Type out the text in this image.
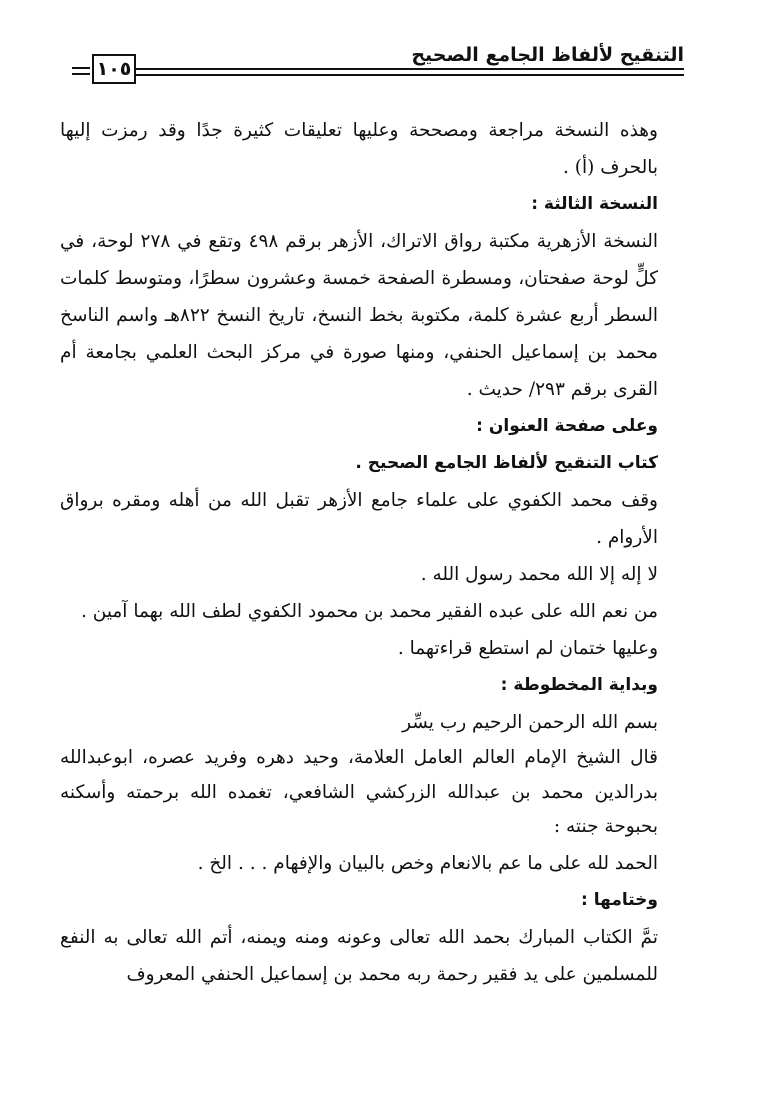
التنقيح لألفاظ الجامع الصحيح
١٠٥

وهذه النسخة مراجعة ومصححة وعليها تعليقات كثيرة جدًا وقد رمزت إليها بالحرف (أ) .

النسخة الثالثة :

النسخة الأزهرية مكتبة رواق الاتراك، الأزهر برقم ٤٩٨ وتقع في ٢٧٨ لوحة، في كلٍّ لوحة صفحتان، ومسطرة الصفحة خمسة وعشرون سطرًا، ومتوسط كلمات السطر أربع عشرة كلمة، مكتوبة بخط النسخ، تاريخ النسخ ٨٢٢هـ واسم الناسخ محمد بن إسماعيل الحنفي، ومنها صورة في مركز البحث العلمي بجامعة أم القرى برقم ٢٩٣/ حديث .

وعلى صفحة العنوان :

كتاب التنقيح لألفاظ الجامع الصحيح .

وقف محمد الكفوي على علماء جامع الأزهر تقبل الله من أهله ومقره برواق الأروام .

لا إله إلا الله محمد رسول الله .

من نعم الله على عبده الفقير محمد بن محمود الكفوي لطف الله بهما آمين .

وعليها ختمان لم استطع قراءتهما .

وبداية المخطوطة :

بسم الله الرحمن الرحيم رب يسِّر

قال الشيخ الإمام العالم العامل العلامة، وحيد دهره وفريد عصره، ابوعبدالله بدرالدين محمد بن عبدالله الزركشي الشافعي، تغمده الله برحمته وأسكنه بحبوحة جنته :

الحمد لله على ما عم بالانعام وخص بالبيان والإفهام . . . الخ .

وختامها :

تمَّ الكتاب المبارك بحمد الله تعالى وعونه ومنه ويمنه، أتم الله تعالى به النفع للمسلمين على يد فقير رحمة ربه محمد بن إسماعيل الحنفي المعروف
